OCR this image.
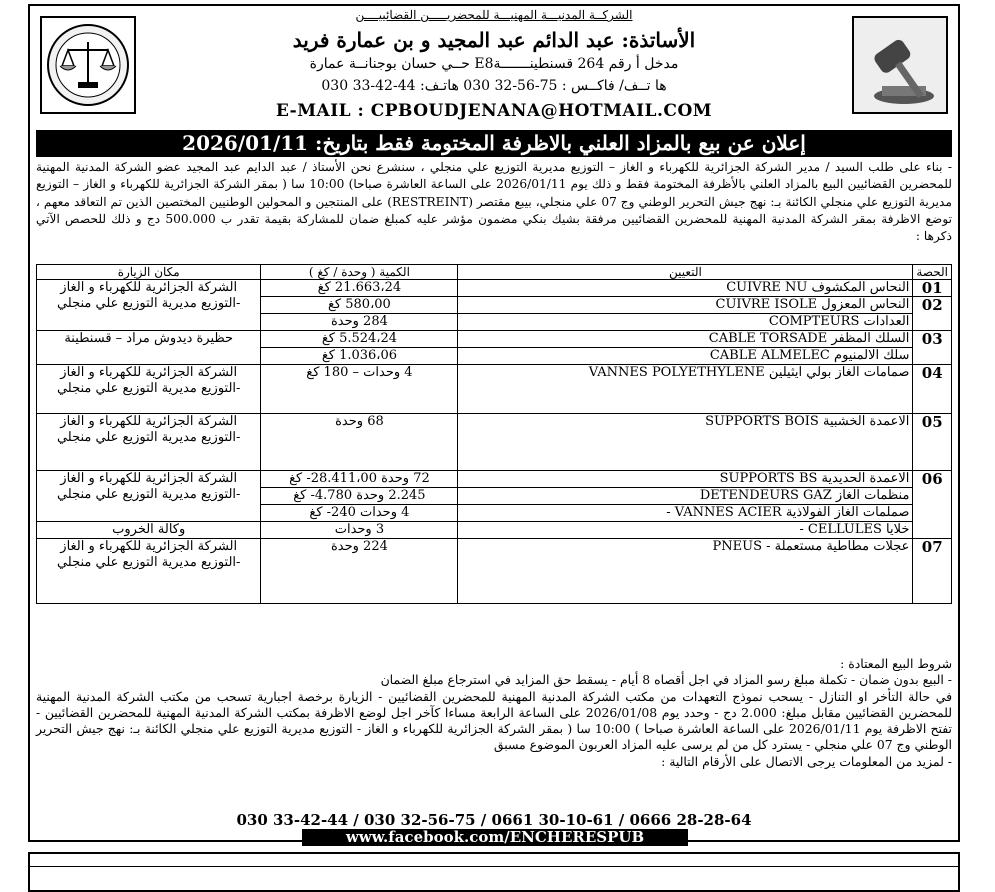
الشركــة المدنيـــة المهنيـــة للمحضريـــــن القضائييــــن
الأساتذة: عبد الدائم عبد المجيد و بن عمارة فريد
مدخل أ رقم 264 قسنطينـــــــةE8 حــي حسان بوجنانــة عمارة
ها تــف/ فاكــس : 75-56-32 030 هاتـف: 44-42-33 030
E-MAIL : CPBOUDJENANA@HOTMAIL.COM
إعلان عن بيع بالمزاد العلني بالاظرفة المختومة فقط بتاريخ: 2026/01/11
- بناء على طلب السيد / مدير الشركة الجزائرية للكهرباء و الغاز – التوزيع مديرية التوزيع علي منجلي ، سنشرع نحن الأستاذ / عبد الدايم عبد المجيد عضو الشركة المدنية المهنية للمحضرين القضائيين البيع بالمزاد العلني بالأظرفة المختومة فقط و ذلك يوم 2026/01/11 على الساعة العاشرة صباحا) 10:00 سا ( بمقر الشركة الجزائرية للكهرباء و الغاز – التوزيع مديرية التوزيع علي منجلي الكائنة بـ: نهج جيش التحرير الوطني وج 07 علي منجلي، بيبع مقتصر (RESTREINT) على المنتجين و المحولين الوطنيين المختصين الذين تم التعاقد معهم ، توضع الاظرفة بمقر الشركة المدنية المهنية للمحضرين القضائيين مرفقة بشيك بنكي مضمون مؤشر عليه كمبلغ ضمان للمشاركة بقيمة تقدر ب 500.000 دج و ذلك للحصص الآتي ذكرها :
الحصة	التعيين	الكمية ( وحدة / كغ )	مكان الزيارة
01	النحاس المكشوف CUIVRE NU	21.663،24 كغ	الشركة الجزائرية للكهرباء و الغاز -التوزيع مديرية التوزيع علي منجلي
02	النحاس المعزول CUIVRE ISOLE	580،00 كغ	
	العدادات COMPTEURS	284 وحدة	
03	السلك المظفر CABLE TORSADE	5.524،24 كغ	حظيرة ديدوش مراد – قسنطينة
	سلك الالمنيوم CABLE ALMELEC	1.036،06 كغ	
04	صمامات الغاز بولي ايثيلين VANNES POLYETHYLENE	4 وحدات – 180 كغ	الشركة الجزائرية للكهرباء و الغاز -التوزيع مديرية التوزيع علي منجلي
05	الاعمدة الخشبية SUPPORTS BOIS	68 وحدة	الشركة الجزائرية للكهرباء و الغاز -التوزيع مديرية التوزيع علي منجلي
06	الاعمدة الحديدية SUPPORTS BS	72 وحدة 28.411،00- كغ	الشركة الجزائرية للكهرباء و الغاز -التوزيع مديرية التوزيع علي منجلي
	منظمات الغاز DETENDEURS GAZ	2.245 وحدة 4.780- كغ	
	صملمات الغاز الفولاذية VANNES ACIER -	4 وحدات 240- كغ	
	خلايا CELLULES -	3 وحدات	وكالة الخروب
07	عجلات مطاطية مستعملة - PNEUS	224 وحدة	الشركة الجزائرية للكهرباء و الغاز -التوزيع مديرية التوزيع علي منجلي
شروط البيع المعتادة :
- البيع بدون ضمان - تكملة مبلغ رسو المزاد في اجل أقصاه 8 أيام - يسقط حق المزايد في استرجاع مبلغ الضمان
في حالة التأخر او التنازل - يسحب نموذج التعهدات من مكتب الشركة المدنية المهنية للمحضرين القضائيين - الزيارة برخصة اجبارية تسحب من مكتب الشركة المدنية المهنية للمحضرين القضائيين مقابل مبلغ: 2.000 دج - وحدد يوم 2026/01/08 على الساعة الرابعة مساءا كآخر اجل لوضع الاظرفة بمكتب الشركة المدنية المهنية للمحضرين القضائيين - تفتح الاظرفة يوم 2026/01/11 على الساعة العاشرة صباحا ) 10:00 سا ( بمقر الشركة الجزائرية للكهرباء و الغاز - التوزيع مديرية التوزيع علي منجلي الكائنة بـ: نهج جيش التحرير الوطني وج 07 علي منجلي - يسترد كل من لم يرسى عليه المزاد العربون الموضوع مسبق
- لمزيد من المعلومات يرجى الاتصال على الأرقام التالية :
030 33-42-44 / 030 32-56-75 / 0661 30-10-61 / 0666 28-28-64
www.facebook.com/ENCHERESPUB
